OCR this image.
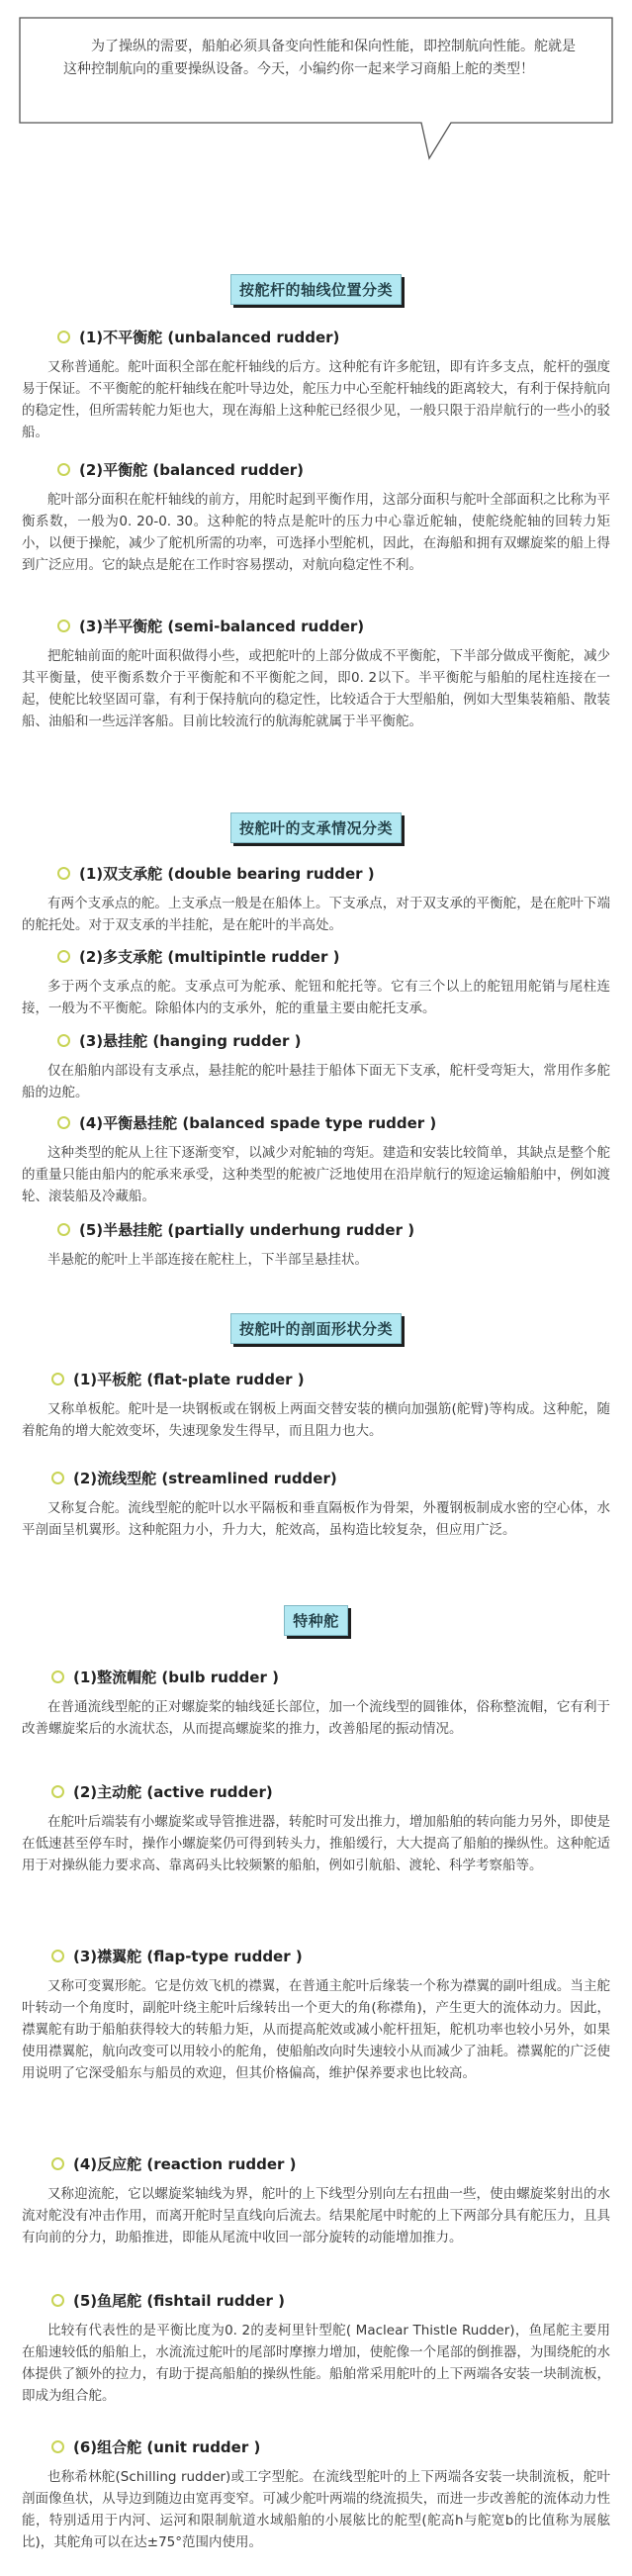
为了操纵的需要，船舶必须具备变向性能和保向性能，即控制航向性能。舵就是这种控制航向的重要操纵设备。今天，小编约你一起来学习商船上舵的类型！
按舵杆的轴线位置分类
(1)不平衡舵 (unbalanced rudder)
又称普通舵。舵叶面积全部在舵杆轴线的后方。这种舵有许多舵钮，即有许多支点，舵杆的强度易于保证。不平衡舵的舵杆轴线在舵叶导边处，舵压力中心至舵杆轴线的距离较大，有利于保持航向的稳定性，但所需转舵力矩也大，现在海船上这种舵已经很少见，一般只限于沿岸航行的一些小的驳船。
(2)平衡舵 (balanced rudder)
舵叶部分面积在舵杆轴线的前方，用舵时起到平衡作用，这部分面积与舵叶全部面积之比称为平衡系数，一般为0. 20-0. 30。这种舵的特点是舵叶的压力中心靠近舵轴，使舵绕舵轴的回转力矩小，以便于操舵，减少了舵机所需的功率，可选择小型舵机，因此，在海船和拥有双螺旋桨的船上得到广泛应用。它的缺点是舵在工作时容易摆动，对航向稳定性不利。
(3)半平衡舵 (semi-balanced rudder)
把舵轴前面的舵叶面积做得小些，或把舵叶的上部分做成不平衡舵，下半部分做成平衡舵，减少其平衡量，使平衡系数介于平衡舵和不平衡舵之间，即0. 2以下。半平衡舵与船舶的尾柱连接在一起，使舵比较坚固可靠，有利于保持航向的稳定性，比较适合于大型船舶，例如大型集装箱船、散装船、油船和一些远洋客船。目前比较流行的航海舵就属于半平衡舵。
按舵叶的支承情况分类
(1)双支承舵 (double bearing rudder )
有两个支承点的舵。上支承点一般是在船体上。下支承点，对于双支承的平衡舵，是在舵叶下端的舵托处。对于双支承的半挂舵，是在舵叶的半高处。
(2)多支承舵 (multipintle rudder )
多于两个支承点的舵。支承点可为舵承、舵钮和舵托等。它有三个以上的舵钮用舵销与尾柱连接，一般为不平衡舵。除船体内的支承外，舵的重量主要由舵托支承。
(3)悬挂舵 (hanging rudder )
仅在船舶内部设有支承点，悬挂舵的舵叶悬挂于船体下面无下支承，舵杆受弯矩大，常用作多舵船的边舵。
(4)平衡悬挂舵 (balanced spade type rudder )
这种类型的舵从上往下逐渐变窄，以减少对舵轴的弯矩。建造和安装比较简单，其缺点是整个舵的重量只能由船内的舵承来承受，这种类型的舵被广泛地使用在沿岸航行的短途运输船舶中，例如渡轮、滚装船及冷藏船。
(5)半悬挂舵 (partially underhung rudder )
半悬舵的舵叶上半部连接在舵柱上，下半部呈悬挂状。
按舵叶的剖面形状分类
(1)平板舵 (flat-plate rudder )
又称单板舵。舵叶是一块钢板或在钢板上两面交替安装的横向加强筋(舵臂)等构成。这种舵，随着舵角的增大舵效变坏，失速现象发生得早，而且阻力也大。
(2)流线型舵 (streamlined rudder)
又称复合舵。流线型舵的舵叶以水平隔板和垂直隔板作为骨架，外覆钢板制成水密的空心体，水平剖面呈机翼形。这种舵阻力小，升力大，舵效高，虽构造比较复杂，但应用广泛。
特种舵
(1)整流帽舵 (bulb rudder )
在普通流线型舵的正对螺旋桨的轴线延长部位，加一个流线型的圆锥体，俗称整流帽，它有利于改善螺旋桨后的水流状态，从而提高螺旋桨的推力，改善船尾的振动情况。
(2)主动舵 (active rudder)
在舵叶后端装有小螺旋桨或导管推进器，转舵时可发出推力，增加船舶的转向能力另外，即使是在低速甚至停车时，操作小螺旋桨仍可得到转头力，推船缓行，大大提高了船舶的操纵性。这种舵适用于对操纵能力要求高、靠离码头比较频繁的船舶，例如引航船、渡轮、科学考察船等。
(3)襟翼舵 (flap-type rudder )
又称可变翼形舵。它是仿效飞机的襟翼，在普通主舵叶后缘装一个称为襟翼的副叶组成。当主舵叶转动一个角度时，副舵叶绕主舵叶后缘转出一个更大的角(称襟角)，产生更大的流体动力。因此，襟翼舵有助于船舶获得较大的转船力矩，从而提高舵效或减小舵杆扭矩，舵机功率也较小另外，如果使用襟翼舵，航向改变可以用较小的舵角，使船舶改向时失速较小从而减少了油耗。襟翼舵的广泛使用说明了它深受船东与船员的欢迎，但其价格偏高，维护保养要求也比较高。
(4)反应舵 (reaction rudder )
又称迎流舵，它以螺旋桨轴线为界，舵叶的上下线型分别向左右扭曲一些，使由螺旋桨射出的水流对舵没有冲击作用，而离开舵时呈直线向后流去。结果舵尾中时舵的上下两部分具有舵压力，且具有向前的分力，助船推进，即能从尾流中收回一部分旋转的动能增加推力。
(5)鱼尾舵 (fishtail rudder )
比较有代表性的是平衡比度为0. 2的麦柯里针型舵( Maclear Thistle Rudder)，鱼尾舵主要用在船速较低的船舶上，水流流过舵叶的尾部时摩擦力增加，使舵像一个尾部的倒推器，为围绕舵的水体提供了额外的拉力，有助于提高船舶的操纵性能。船舶常采用舵叶的上下两端各安装一块制流板，即成为组合舵。
(6)组合舵 (unit rudder )
也称希林舵(Schilling rudder)或工字型舵。在流线型舵叶的上下两端各安装一块制流板，舵叶剖面像鱼状，从导边到随边由宽再变窄。可减少舵叶两端的绕流损失，而进一步改善舵的流体动力性能，特别适用于内河、运河和限制航道水域船舶的小展舷比的舵型(舵高h与舵宽b的比值称为展舷比)，其舵角可以在达±75°范围内使用。
